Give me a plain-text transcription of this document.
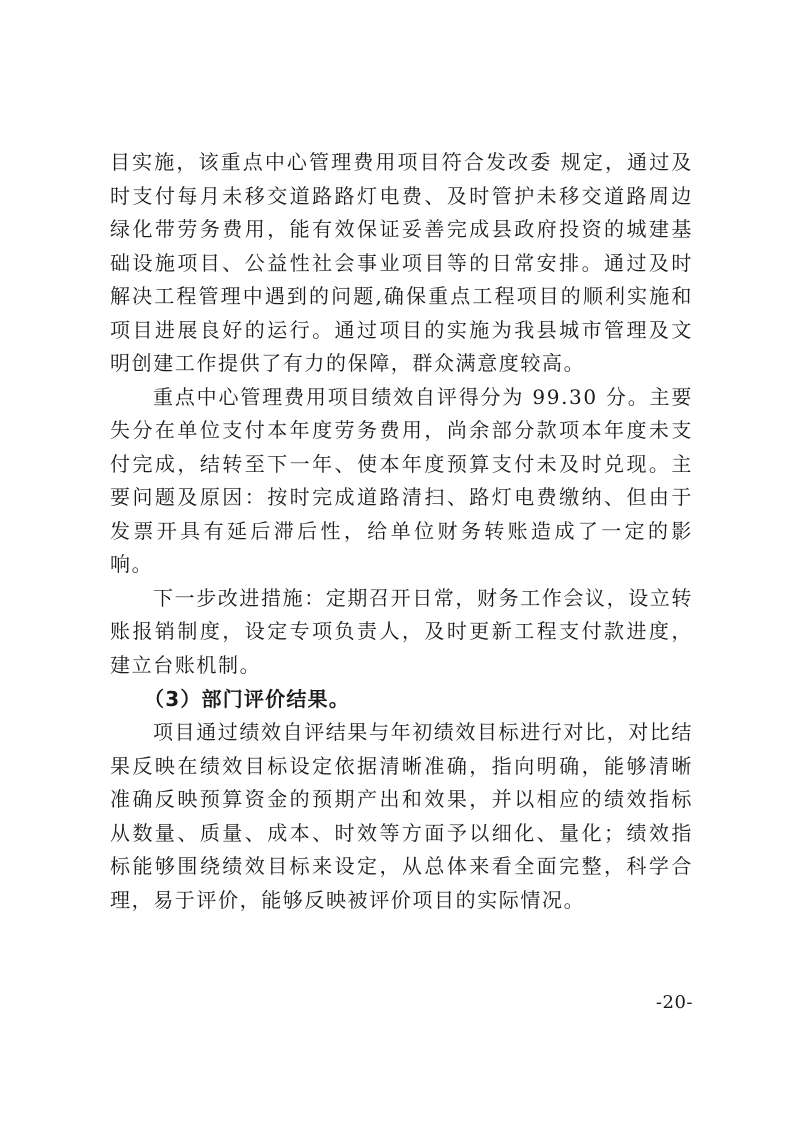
目实施，该重点中心管理费用项目符合发改委 规定，通过及时支付每月未移交道路路灯电费、及时管护未移交道路周边绿化带劳务费用，能有效保证妥善完成县政府投资的城建基础设施项目、公益性社会事业项目等的日常安排。通过及时解决工程管理中遇到的问题,确保重点工程项目的顺利实施和项目进展良好的运行。通过项目的实施为我县城市管理及文明创建工作提供了有力的保障，群众满意度较高。

重点中心管理费用项目绩效自评得分为 99.30 分。主要失分在单位支付本年度劳务费用，尚余部分款项本年度未支付完成，结转至下一年、使本年度预算支付未及时兑现。主要问题及原因：按时完成道路清扫、路灯电费缴纳、但由于发票开具有延后滞后性，给单位财务转账造成了一定的影响。

下一步改进措施：定期召开日常，财务工作会议，设立转账报销制度，设定专项负责人，及时更新工程支付款进度，建立台账机制。

（3）部门评价结果。

项目通过绩效自评结果与年初绩效目标进行对比，对比结果反映在绩效目标设定依据清晰准确，指向明确，能够清晰准确反映预算资金的预期产出和效果，并以相应的绩效指标从数量、质量、成本、时效等方面予以细化、量化；绩效指标能够围绕绩效目标来设定，从总体来看全面完整，科学合理，易于评价，能够反映被评价项目的实际情况。

-20-
